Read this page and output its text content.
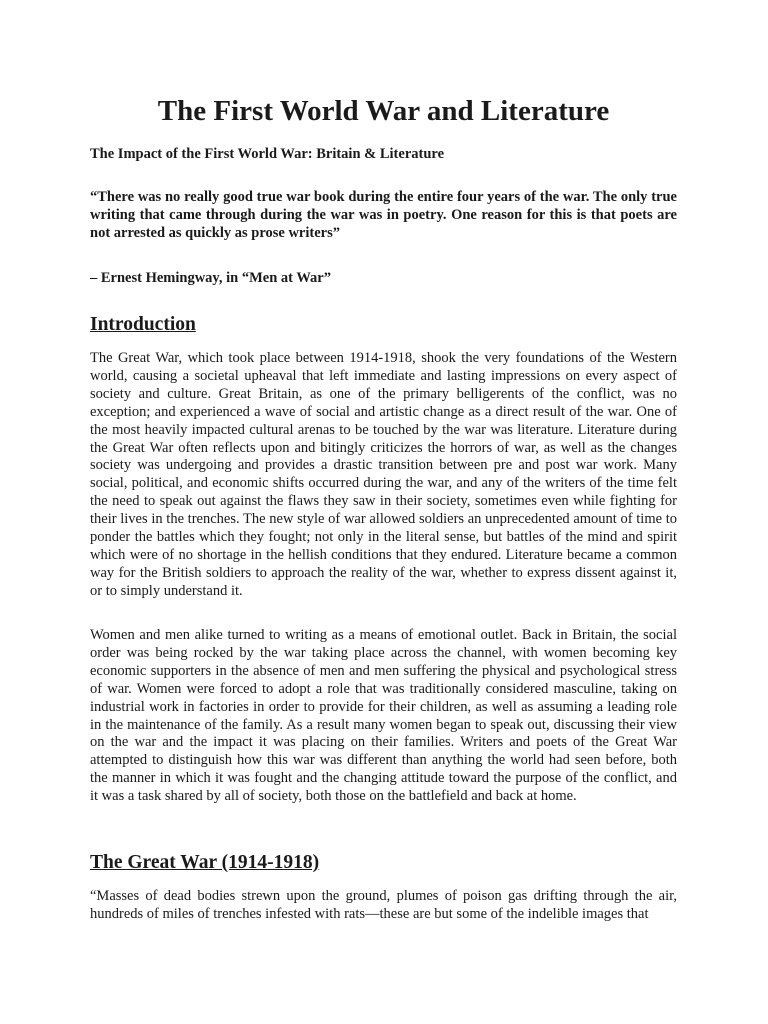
The First World War and Literature

The Impact of the First World War: Britain & Literature

“There was no really good true war book during the entire four years of the war. The only true writing that came through during the war was in poetry. One reason for this is that poets are not arrested as quickly as prose writers”

– Ernest Hemingway, in “Men at War”

Introduction

The Great War, which took place between 1914-1918, shook the very foundations of the Western world, causing a societal upheaval that left immediate and lasting impressions on every aspect of society and culture. Great Britain, as one of the primary belligerents of the conflict, was no exception; and experienced a wave of social and artistic change as a direct result of the war. One of the most heavily impacted cultural arenas to be touched by the war was literature. Literature during the Great War often reflects upon and bitingly criticizes the horrors of war, as well as the changes society was undergoing and provides a drastic transition between pre and post war work. Many social, political, and economic shifts occurred during the war, and any of the writers of the time felt the need to speak out against the flaws they saw in their society, sometimes even while fighting for their lives in the trenches. The new style of war allowed soldiers an unprecedented amount of time to ponder the battles which they fought; not only in the literal sense, but battles of the mind and spirit which were of no shortage in the hellish conditions that they endured. Literature became a common way for the British soldiers to approach the reality of the war, whether to express dissent against it, or to simply understand it.

Women and men alike turned to writing as a means of emotional outlet. Back in Britain, the social order was being rocked by the war taking place across the channel, with women becoming key economic supporters in the absence of men and men suffering the physical and psychological stress of war. Women were forced to adopt a role that was traditionally considered masculine, taking on industrial work in factories in order to provide for their children, as well as assuming a leading role in the maintenance of the family. As a result many women began to speak out, discussing their view on the war and the impact it was placing on their families. Writers and poets of the Great War attempted to distinguish how this war was different than anything the world had seen before, both the manner in which it was fought and the changing attitude toward the purpose of the conflict, and it was a task shared by all of society, both those on the battlefield and back at home.

The Great War (1914-1918)

“Masses of dead bodies strewn upon the ground, plumes of poison gas drifting through the air, hundreds of miles of trenches infested with rats—these are but some of the indelible images that
